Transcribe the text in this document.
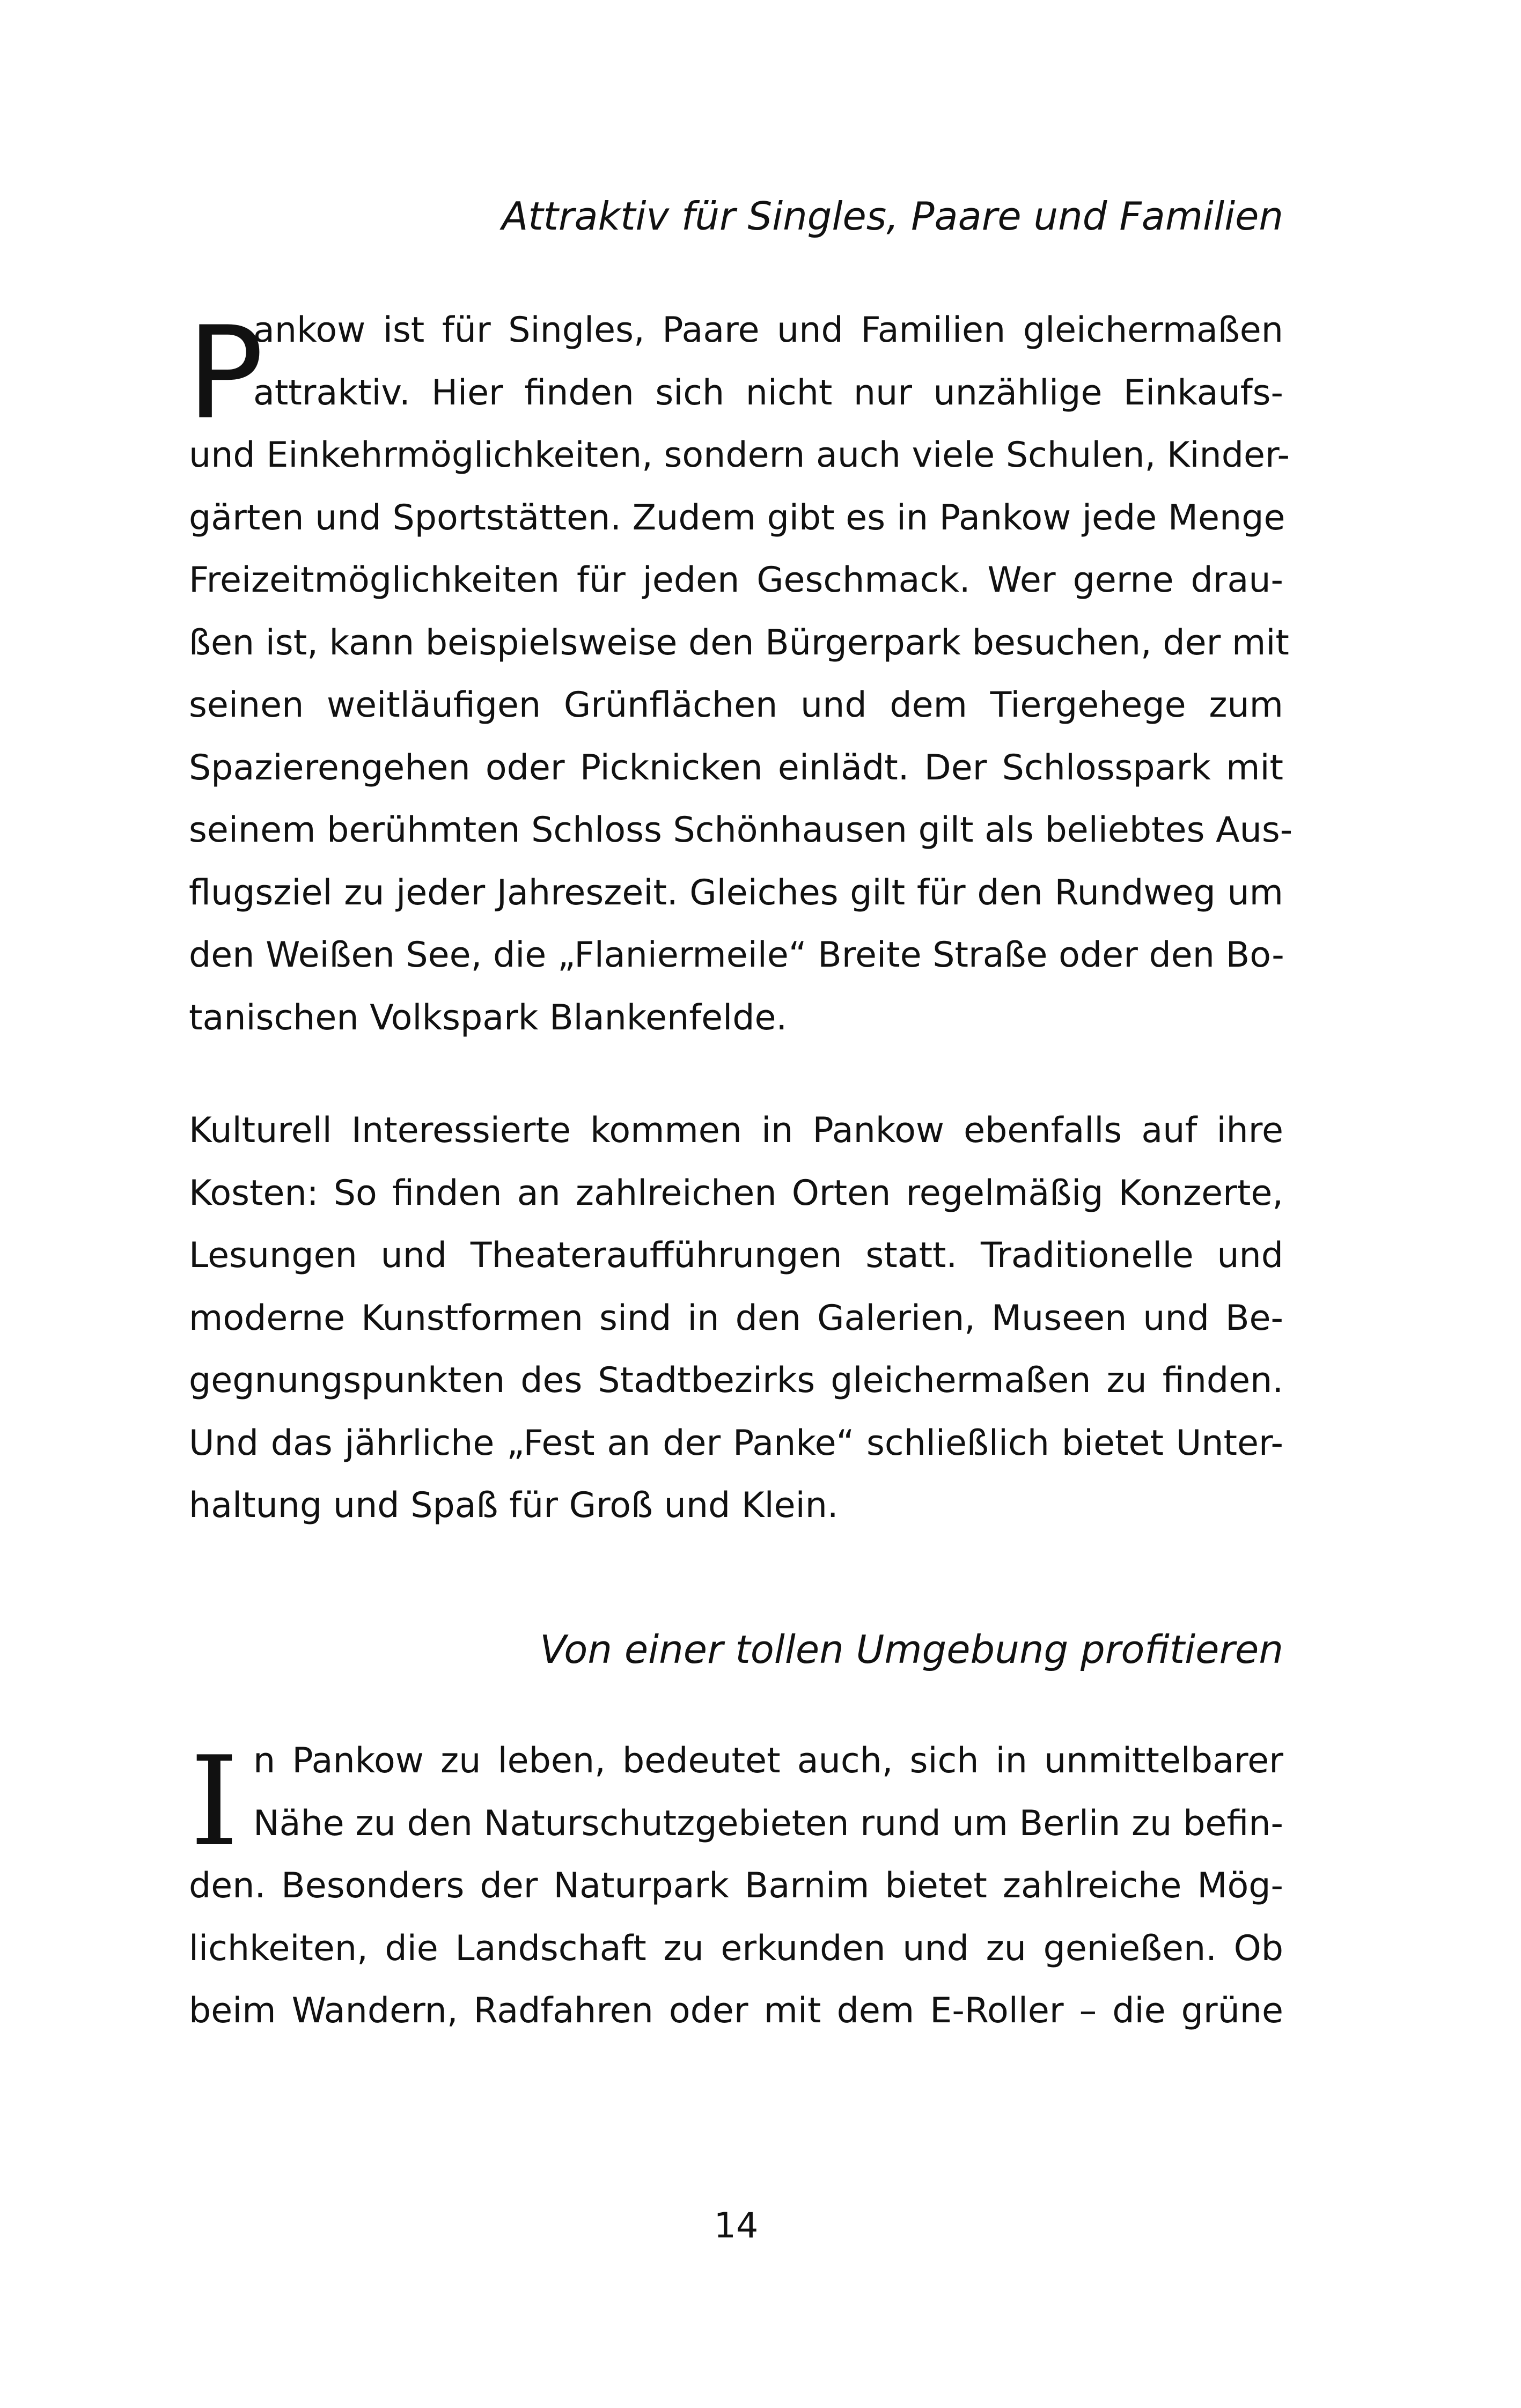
Attraktiv für Singles, Paare und Familien
P
ankow ist für Singles, Paare und Familien gleichermaßen
attraktiv. Hier finden sich nicht nur unzählige Einkaufs-
und Einkehrmöglichkeiten, sondern auch viele Schulen, Kinder-
gärten und Sportstätten. Zudem gibt es in Pankow jede Menge
Freizeitmöglichkeiten für jeden Geschmack. Wer gerne drau-
ßen ist, kann beispielsweise den Bürgerpark besuchen, der mit
seinen weitläufigen Grünflächen und dem Tiergehege zum
Spazierengehen oder Picknicken einlädt. Der Schlosspark mit
seinem berühmten Schloss Schönhausen gilt als beliebtes Aus-
flugsziel zu jeder Jahreszeit. Gleiches gilt für den Rundweg um
den Weißen See, die „Flaniermeile“ Breite Straße oder den Bo-
tanischen Volkspark Blankenfelde.
Kulturell Interessierte kommen in Pankow ebenfalls auf ihre
Kosten: So finden an zahlreichen Orten regelmäßig Konzerte,
Lesungen und Theateraufführungen statt. Traditionelle und
moderne Kunstformen sind in den Galerien, Museen und Be-
gegnungspunkten des Stadtbezirks gleichermaßen zu finden.
Und das jährliche „Fest an der Panke“ schließlich bietet Unter-
haltung und Spaß für Groß und Klein.
Von einer tollen Umgebung profitieren
I n Pankow zu leben, bedeutet auch, sich in unmittelbarer
Nähe zu den Naturschutzgebieten rund um Berlin zu befin-
den. Besonders der Naturpark Barnim bietet zahlreiche Mög-
lichkeiten, die Landschaft zu erkunden und zu genießen. Ob
beim Wandern, Radfahren oder mit dem E-Roller – die grüne
14
